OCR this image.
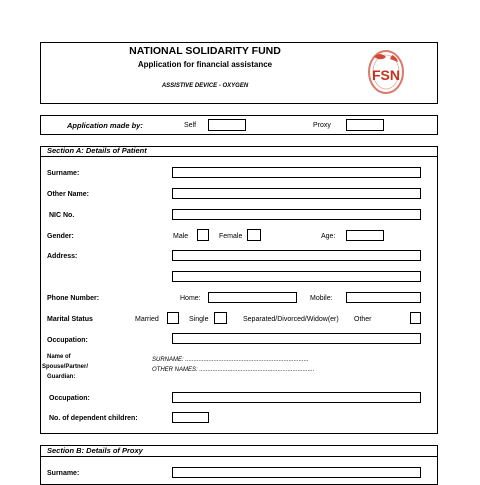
NATIONAL SOLIDARITY FUND
Application for financial assistance
ASSISTIVE DEVICE - OXYGEN
FSN
Application made by:	Self	Proxy
Section A: Details of Patient
Surname:
Other Name:
NIC No.
Gender:	Male	Female	Age:
Address:
Phone Number:	Home:	Mobile:
Marital Status	Married	Single	Separated/Divorced/Widow(er) Other
Occupation:
Name of
Spouse/Partner/
Guardian:
SURNAME: ..........................................................................
OTHER NAMES: .....................................................................
Occupation:
No. of dependent children:
Section B: Details of Proxy
Surname:
